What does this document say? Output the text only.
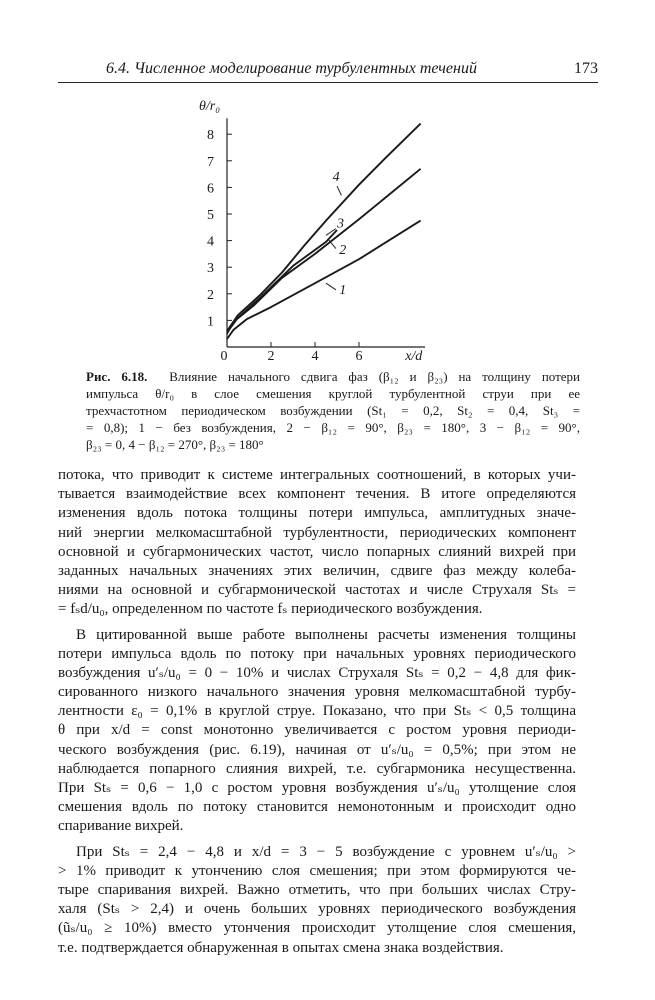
6.4. Численное моделирование турбулентных течений	173
1
2
3
4
5
6
7
8
0	2	4	6
θ/r₀
x/d
1
2
3
4
Рис. 6.18. Влияние начального сдвига фаз (β₁₂ и β₂₃) на толщину потери
импульса θ/r₀ в слое смешения круглой турбулентной струи при ее
трехчастотном периодическом возбуждении (St₁ = 0,2, St₂ = 0,4, St₃ =
= 0,8); 1 − без возбуждения, 2 − β₁₂ = 90°, β₂₃ = 180°, 3 − β₁₂ = 90°,
β₂₃ = 0, 4 − β₁₂ = 270°, β₂₃ = 180°
потока, что приводит к системе интегральных соотношений, в которых учи-
тывается взаимодействие всех компонент течения. В итоге определяются
изменения вдоль потока толщины потери импульса, амплитудных значе-
ний энергии мелкомасштабной турбулентности, периодических компонент
основной и субгармонических частот, число попарных слияний вихрей при
заданных начальных значениях этих величин, сдвиге фаз между колеба-
ниями на основной и субгармонической частотах и числе Струхаля Stₛ =
= fₛd/u₀, определенном по частоте fₛ периодического возбуждения.
В цитированной выше работе выполнены расчеты изменения толщины
потери импульса вдоль по потоку при начальных уровнях периодического
возбуждения u′ₛ/u₀ = 0 − 10% и числах Струхаля Stₛ = 0,2 − 4,8 для фик-
сированного низкого начального значения уровня мелкомасштабной турбу-
лентности ε₀ = 0,1% в круглой струе. Показано, что при Stₛ < 0,5 толщина
θ при x/d = const монотонно увеличивается с ростом уровня периоди-
ческого возбуждения (рис. 6.19), начиная от u′ₛ/u₀ = 0,5%; при этом не
наблюдается попарного слияния вихрей, т.е. субгармоника несущественна.
При Stₛ = 0,6 − 1,0 с ростом уровня возбуждения u′ₛ/u₀ утолщение слоя
смешения вдоль по потоку становится немонотонным и происходит одно
спаривание вихрей.
При Stₛ = 2,4 − 4,8 и x/d = 3 − 5 возбуждение с уровнем u′ₛ/u₀ >
> 1% приводит к утончению слоя смешения; при этом формируются че-
тыре спаривания вихрей. Важно отметить, что при больших числах Стру-
халя (Stₛ > 2,4) и очень больших уровнях периодического возбуждения
(ũₛ/u₀ ≥ 10%) вместо утончения происходит утолщение слоя смешения,
т.е. подтверждается обнаруженная в опытах смена знака воздействия.
